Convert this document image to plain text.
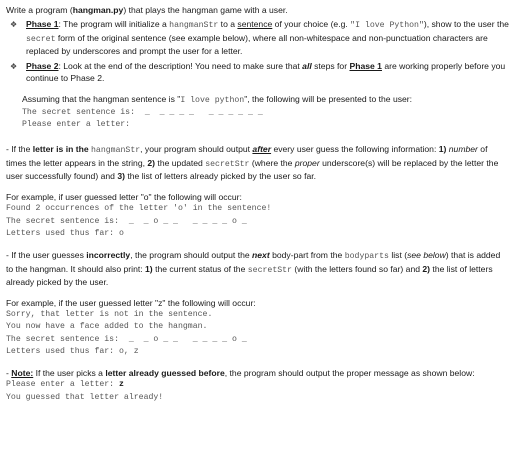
Write a program (hangman.py) that plays the hangman game with a user.

❖ Phase 1: The program will initialize a hangmanStr to a sentence of your choice (e.g. "I love Python"), show to the user the secret form of the original sentence (see example below), where all non-whitespace and non-punctuation characters are replaced by underscores and prompt the user for a letter.
❖ Phase 2: Look at the end of the description! You need to make sure that all steps for Phase 1 are working properly before you continue to Phase 2.

Assuming that the hangman sentence is "I love python", the following will be presented to the user:

The secret sentence is:  _  _ _ _ _   _ _ _ _ _ _

Please enter a letter:

- If the letter is in the hangmanStr, your program should output after every user guess the following information: 1) number of times the letter appears in the string, 2) the updated secretStr (where the proper underscore(s) will be replaced by the letter the user successfully found) and 3) the list of letters already picked by the user so far.

For example, if user guessed letter "o" the following will occur:

Found 2 occurrences of the letter 'o' in the sentence!

The secret sentence is:  _  _ o _ _   _ _ _ _ o _

Letters used thus far: o

- If the user guesses incorrectly, the program should output the next body-part from the bodyparts list (see below) that is added to the hangman. It should also print: 1) the current status of the secretStr (with the letters found so far) and 2) the list of letters already picked by the user.

For example, if the user guessed letter "z" the following will occur:

Sorry, that letter is not in the sentence.

You now have a face added to the hangman.

The secret sentence is:  _  _ o _ _   _ _ _ _ o _

Letters used thus far: o, z

- Note: If the user picks a letter already guessed before, the program should output the proper message as shown below:

Please enter a letter: z

You guessed that letter already!
